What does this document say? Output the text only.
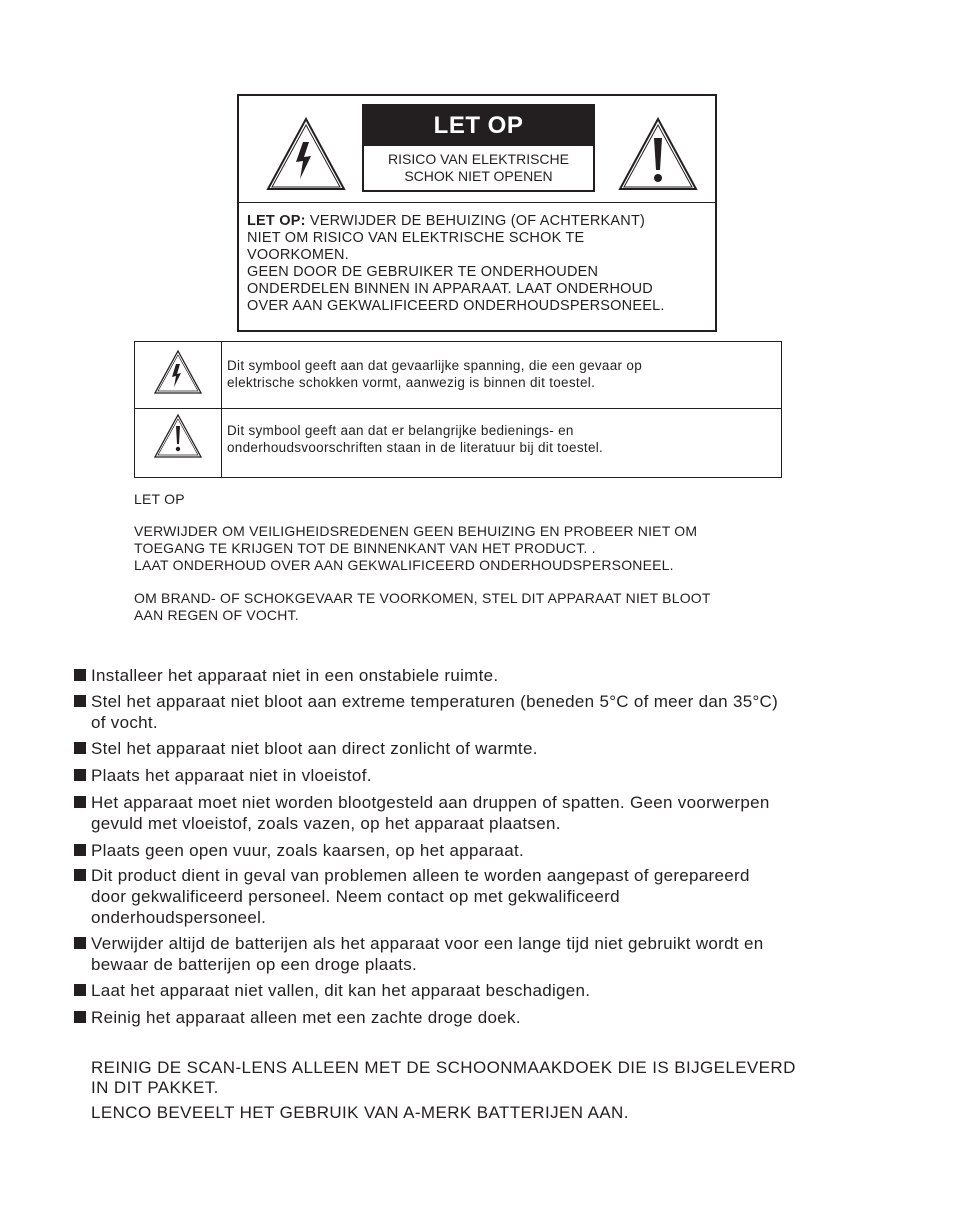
LET OP
RISICO VAN ELEKTRISCHE
SCHOK NIET OPENEN
LET OP: VERWIJDER DE BEHUIZING (OF ACHTERKANT)
NIET OM RISICO VAN ELEKTRISCHE SCHOK TE
VOORKOMEN.
GEEN DOOR DE GEBRUIKER TE ONDERHOUDEN
ONDERDELEN BINNEN IN APPARAAT. LAAT ONDERHOUD
OVER AAN GEKWALIFICEERD ONDERHOUDSPERSONEEL.
Dit symbool geeft aan dat gevaarlijke spanning, die een gevaar op
elektrische schokken vormt, aanwezig is binnen dit toestel.
Dit symbool geeft aan dat er belangrijke bedienings- en
onderhoudsvoorschriften staan in de literatuur bij dit toestel.
LET OP
VERWIJDER OM VEILIGHEIDSREDENEN GEEN BEHUIZING EN PROBEER NIET OM
TOEGANG TE KRIJGEN TOT DE BINNENKANT VAN HET PRODUCT. .
LAAT ONDERHOUD OVER AAN GEKWALIFICEERD ONDERHOUDSPERSONEEL.
OM BRAND- OF SCHOKGEVAAR TE VOORKOMEN, STEL DIT APPARAAT NIET BLOOT
AAN REGEN OF VOCHT.
Installeer het apparaat niet in een onstabiele ruimte.
Stel het apparaat niet bloot aan extreme temperaturen (beneden 5°C of meer dan 35°C)
of vocht.
Stel het apparaat niet bloot aan direct zonlicht of warmte.
Plaats het apparaat niet in vloeistof.
Het apparaat moet niet worden blootgesteld aan druppen of spatten. Geen voorwerpen
gevuld met vloeistof, zoals vazen, op het apparaat plaatsen.
Plaats geen open vuur, zoals kaarsen, op het apparaat.
Dit product dient in geval van problemen alleen te worden aangepast of gerepareerd
door gekwalificeerd personeel. Neem contact op met gekwalificeerd
onderhoudspersoneel.
Verwijder altijd de batterijen als het apparaat voor een lange tijd niet gebruikt wordt en
bewaar de batterijen op een droge plaats.
Laat het apparaat niet vallen, dit kan het apparaat beschadigen.
Reinig het apparaat alleen met een zachte droge doek.
REINIG DE SCAN-LENS ALLEEN MET DE SCHOONMAAKDOEK DIE IS BIJGELEVERD
IN DIT PAKKET.
LENCO BEVEELT HET GEBRUIK VAN A-MERK BATTERIJEN AAN.
